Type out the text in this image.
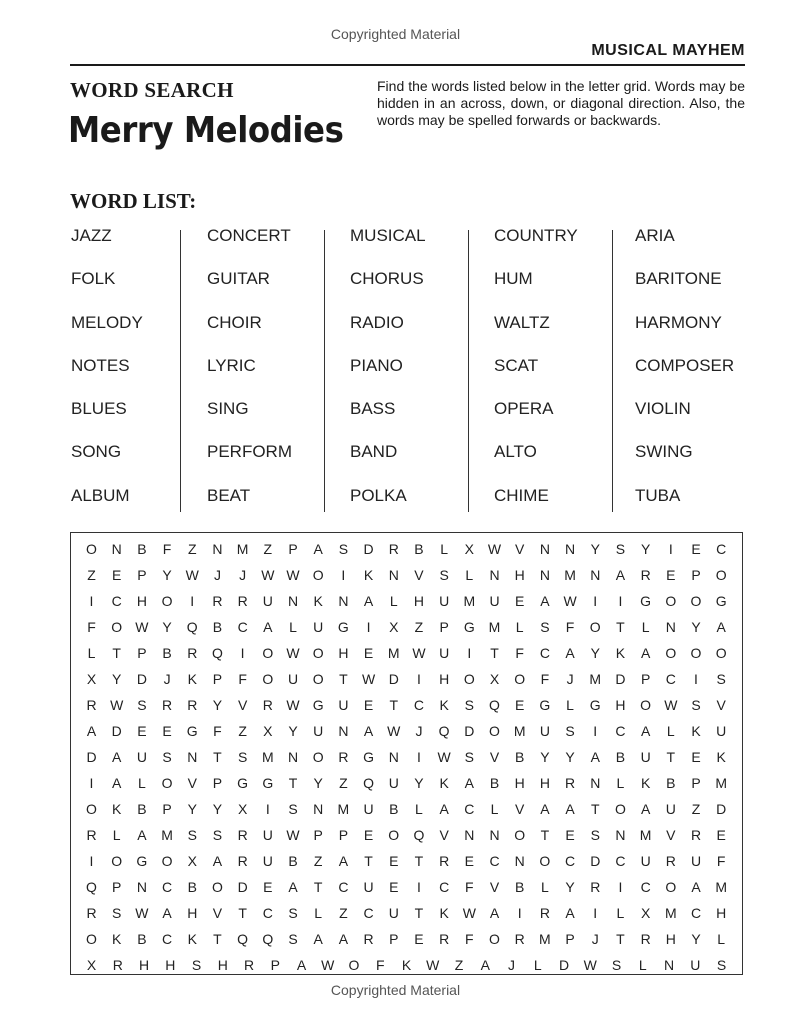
Copyrighted Material
MUSICAL MAYHEM
WORD SEARCH
Merry Melodies
Find the words listed below in the letter grid. Words may be hidden in an across, down, or diagonal direction. Also, the words may be spelled forwards or backwards.
WORD LIST:
JAZZ
FOLK
MELODY
NOTES
BLUES
SONG
ALBUM
CONCERT
GUITAR
CHOIR
LYRIC
SING
PERFORM
BEAT
MUSICAL
CHORUS
RADIO
PIANO
BASS
BAND
POLKA
COUNTRY
HUM
WALTZ
SCAT
OPERA
ALTO
CHIME
ARIA
BARITONE
HARMONY
COMPOSER
VIOLIN
SWING
TUBA
O	N	B	F	Z	N	M	Z	P	A	S	D	R	B	L	X W V	N	N	Y	S	Y	I	E	C
Z	E	P	Y W	J	J	W W O	I	K	N	V	S	L	N	H	N	M	N	A	R	E	P	O
I	C	H	O	I	R	R	U	N	K	N	A	L	H	U	M	U	E	A W	I	I	G	O	O	G
F	O W Y	Q	B	C	A	L	U	G	I	X	Z	P	G M	L	S	F	O	T	L	N	Y	A
L	T	P	B	R	Q	I	O W O	H	E	M W U	I	T	F	C	A	Y	K	A	O	O	O
X	Y	D	J	K	P	F	O	U	O	T	W D	I	H	O	X	O	F	J	M	D	P	C	I	S
R W S	R	R	Y	V	R W G	U	E	T	C	K	S	Q	E	G	L	G	H	O W S	V
A	D	E	E	G	F	Z	X	Y	U	N	A W	J	Q	D	O M	U	S	I	C	A	L	K	U
D	A	U	S	N	T	S	M	N	O	R	G	N	I	W S	V	B	Y	Y	A	B	U	T	E	K
I	A	L	O	V	P	G	G	T	Y	Z	Q	U	Y	K	A	B	H	H	R	N	L	K	B	P	M
O	K	B	P	Y	Y	X	I	S	N	M	U	B	L	A	C	L	V	A	A	T	O	A	U	Z	D
R	L	A	M	S	S	R	U W P	P	E	O	Q	V	N	N	O	T	E	S	N	M	V	R	E
I	O	G	O	X	A	R	U	B	Z	A	T	E	T	R	E	C	N	O	C	D	C	U	R	U	F
Q	P	N	C	B	O	D	E	A	T	C	U	E	I	C	F	V	B	L	Y	R	I	C	O	A	M
R	S W A	H	V	T	C	S	L	Z	C	U	T	K W A	I	R	A	I	L	X	M	C	H
O	K	B	C	K	T	Q	Q	S	A	A	R	P	E	R	F	O	R	M	P	J	T	R	H	Y	L
X	R	H	H	S	H	R	P	A	W	O	F	K	W	Z	A	J	L	D	W	S	L	N	U	S
Copyrighted Material
